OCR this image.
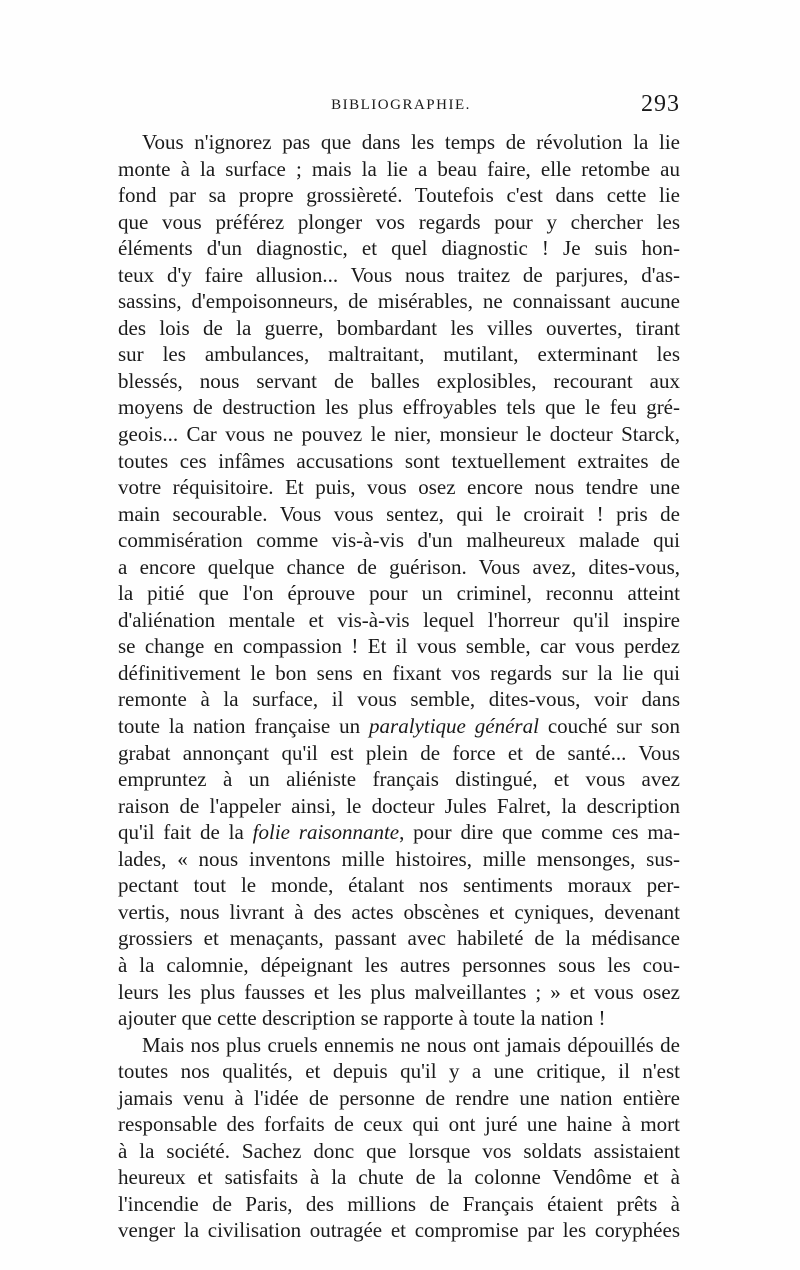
BIBLIOGRAPHIE.	293
Vous n'ignorez pas que dans les temps de révolution la lie
monte à la surface ; mais la lie a beau faire, elle retombe au
fond par sa propre grossièreté. Toutefois c'est dans cette lie
que vous préférez plonger vos regards pour y chercher les
éléments d'un diagnostic, et quel diagnostic ! Je suis hon-
teux d'y faire allusion... Vous nous traitez de parjures, d'as-
sassins, d'empoisonneurs, de misérables, ne connaissant aucune
des lois de la guerre, bombardant les villes ouvertes, tirant
sur les ambulances, maltraitant, mutilant, exterminant les
blessés, nous servant de balles explosibles, recourant aux
moyens de destruction les plus effroyables tels que le feu gré-
geois... Car vous ne pouvez le nier, monsieur le docteur Starck,
toutes ces infâmes accusations sont textuellement extraites de
votre réquisitoire. Et puis, vous osez encore nous tendre une
main secourable. Vous vous sentez, qui le croirait ! pris de
commisération comme vis-à-vis d'un malheureux malade qui
a encore quelque chance de guérison. Vous avez, dites-vous,
la pitié que l'on éprouve pour un criminel, reconnu atteint
d'aliénation mentale et vis-à-vis lequel l'horreur qu'il inspire
se change en compassion ! Et il vous semble, car vous perdez
définitivement le bon sens en fixant vos regards sur la lie qui
remonte à la surface, il vous semble, dites-vous, voir dans
toute la nation française un paralytique général couché sur son
grabat annonçant qu'il est plein de force et de santé... Vous
empruntez à un aliéniste français distingué, et vous avez
raison de l'appeler ainsi, le docteur Jules Falret, la description
qu'il fait de la folie raisonnante, pour dire que comme ces ma-
lades, « nous inventons mille histoires, mille mensonges, sus-
pectant tout le monde, étalant nos sentiments moraux per-
vertis, nous livrant à des actes obscènes et cyniques, devenant
grossiers et menaçants, passant avec habileté de la médisance
à la calomnie, dépeignant les autres personnes sous les cou-
leurs les plus fausses et les plus malveillantes ; » et vous osez
ajouter que cette description se rapporte à toute la nation !
Mais nos plus cruels ennemis ne nous ont jamais dépouillés de
toutes nos qualités, et depuis qu'il y a une critique, il n'est
jamais venu à l'idée de personne de rendre une nation entière
responsable des forfaits de ceux qui ont juré une haine à mort
à la société. Sachez donc que lorsque vos soldats assistaient
heureux et satisfaits à la chute de la colonne Vendôme et à
l'incendie de Paris, des millions de Français étaient prêts à
venger la civilisation outragée et compromise par les coryphées
